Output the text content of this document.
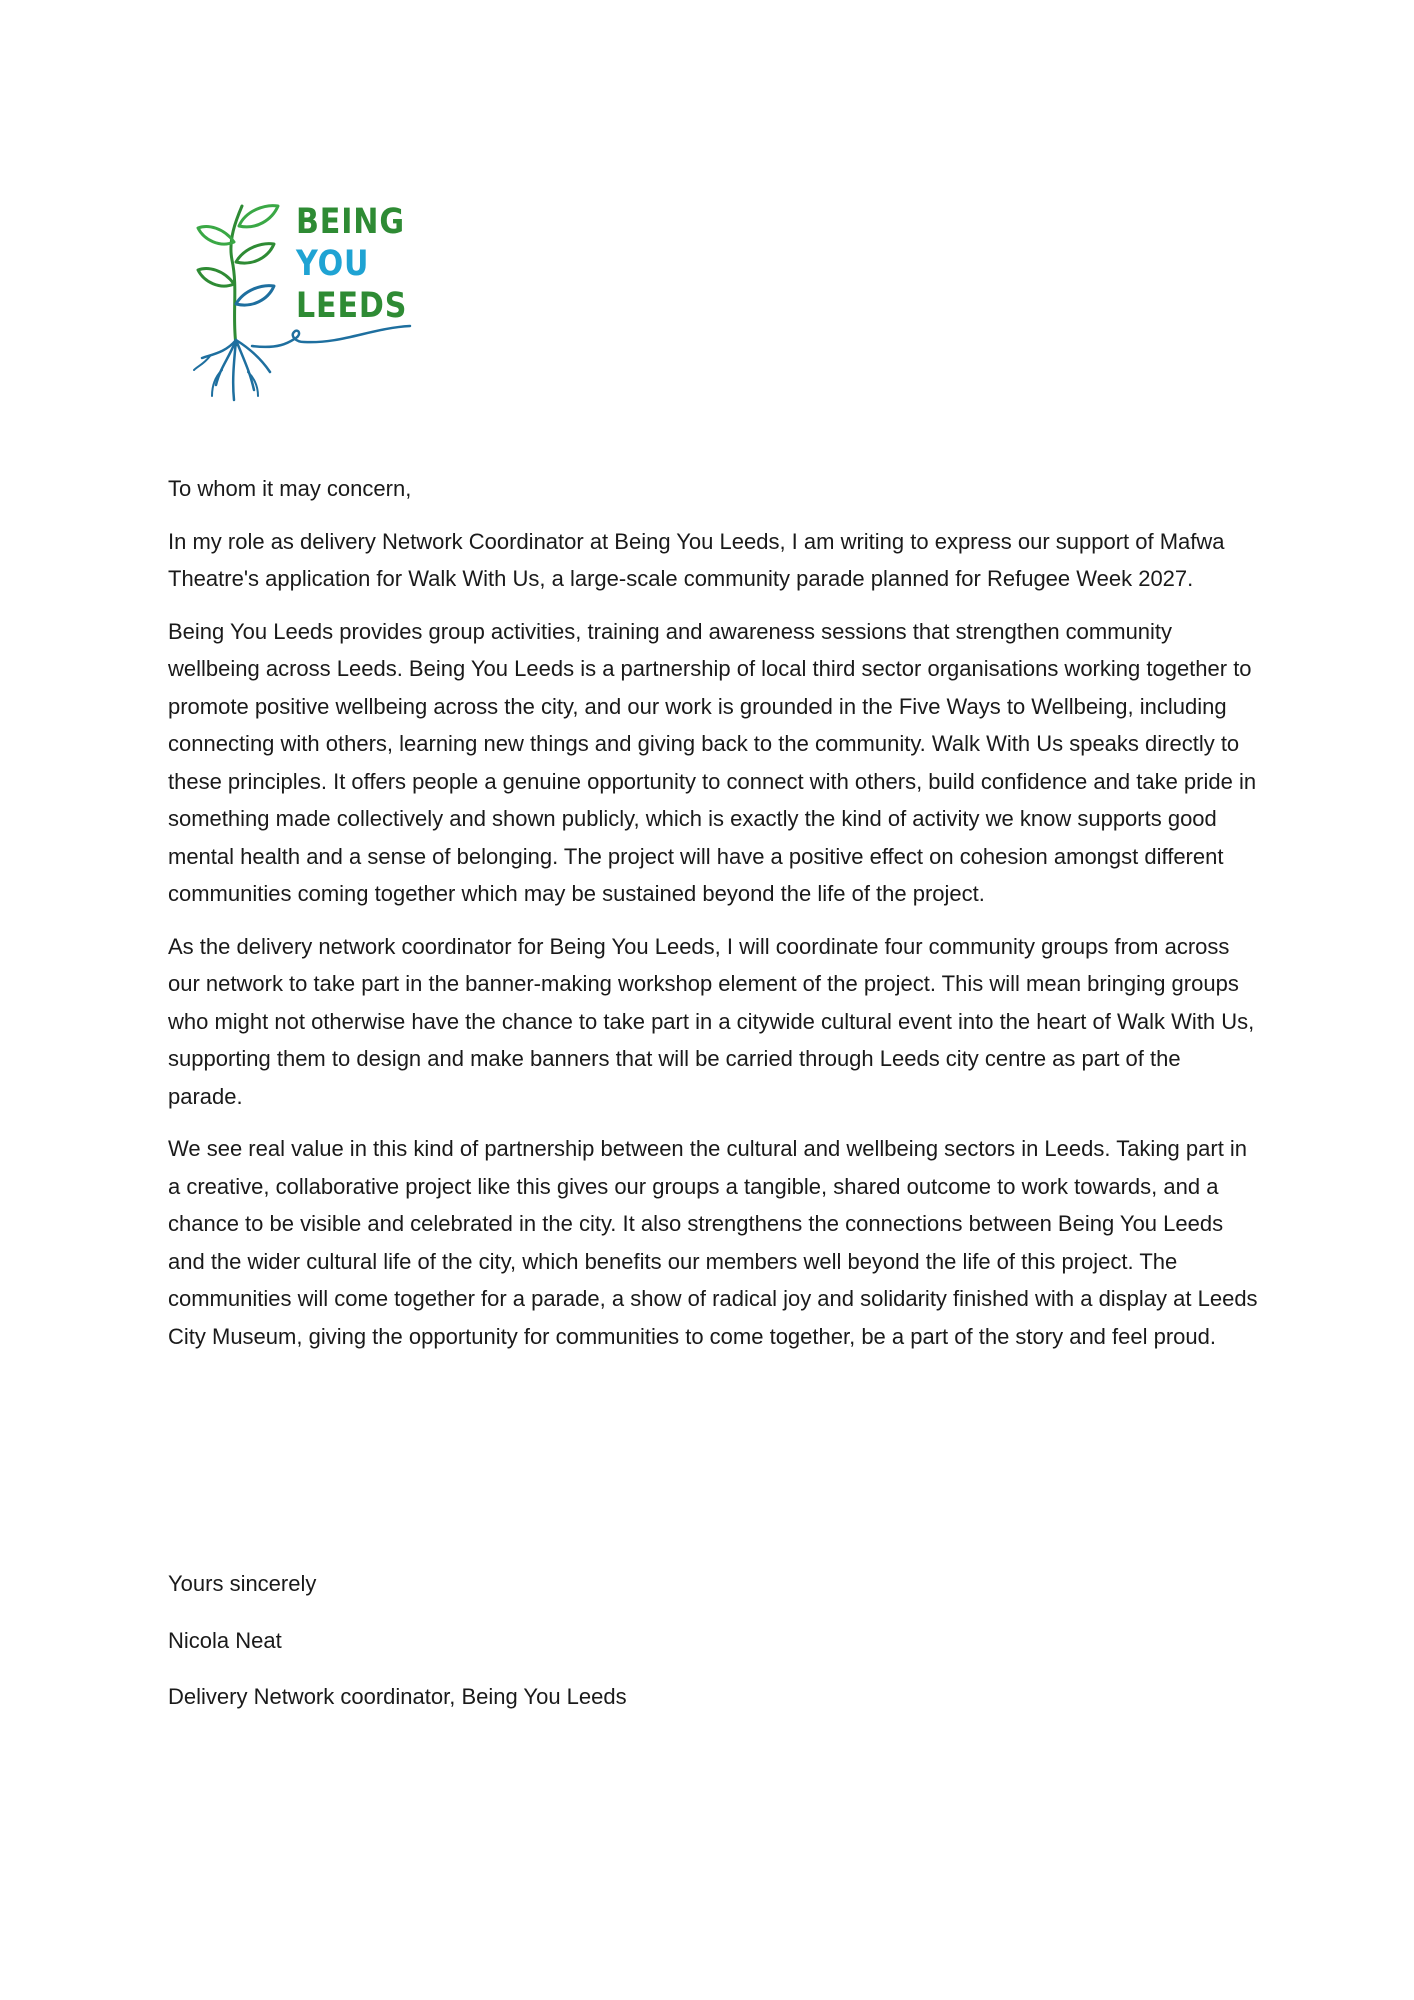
BEING
YOU
LEEDS

To whom it may concern,

In my role as delivery Network Coordinator at Being You Leeds, I am writing to express our support of Mafwa Theatre's application for Walk With Us, a large-scale community parade planned for Refugee Week 2027.

Being You Leeds provides group activities, training and awareness sessions that strengthen community wellbeing across Leeds. Being You Leeds is a partnership of local third sector organisations working together to promote positive wellbeing across the city, and our work is grounded in the Five Ways to Wellbeing, including connecting with others, learning new things and giving back to the community. Walk With Us speaks directly to these principles. It offers people a genuine opportunity to connect with others, build confidence and take pride in something made collectively and shown publicly, which is exactly the kind of activity we know supports good mental health and a sense of belonging. The project will have a positive effect on cohesion amongst different communities coming together which may be sustained beyond the life of the project.

As the delivery network coordinator for Being You Leeds, I will coordinate four community groups from across our network to take part in the banner-making workshop element of the project. This will mean bringing groups who might not otherwise have the chance to take part in a citywide cultural event into the heart of Walk With Us, supporting them to design and make banners that will be carried through Leeds city centre as part of the parade.

We see real value in this kind of partnership between the cultural and wellbeing sectors in Leeds. Taking part in a creative, collaborative project like this gives our groups a tangible, shared outcome to work towards, and a chance to be visible and celebrated in the city. It also strengthens the connections between Being You Leeds and the wider cultural life of the city, which benefits our members well beyond the life of this project. The communities will come together for a parade, a show of radical joy and solidarity finished with a display at Leeds City Museum, giving the opportunity for communities to come together, be a part of the story and feel proud.

Yours sincerely

Nicola Neat

Delivery Network coordinator, Being You Leeds
